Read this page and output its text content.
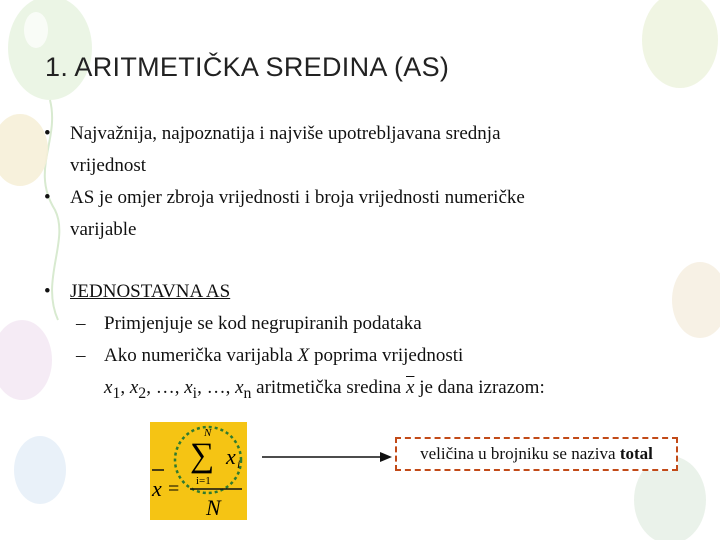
1. ARITMETIČKA SREDINA (AS)
• Najvažnija, najpoznatija i najviše upotrebljavana srednja
vrijednost
• AS je omjer zbroja vrijednosti i broja vrijednosti numeričke
varijable
• JEDNOSTAVNA AS
– Primjenjuje se kod negrupiranih podataka
– Ako numerička varijabla X poprima vrijednosti
$x_1$, $x_2$, …, $x_i$, …, $x_n$ aritmetička sredina $\overline{x}$ je dana izrazom:
N
∑ x i
i=1
x =
N
veličina u brojniku se naziva total
